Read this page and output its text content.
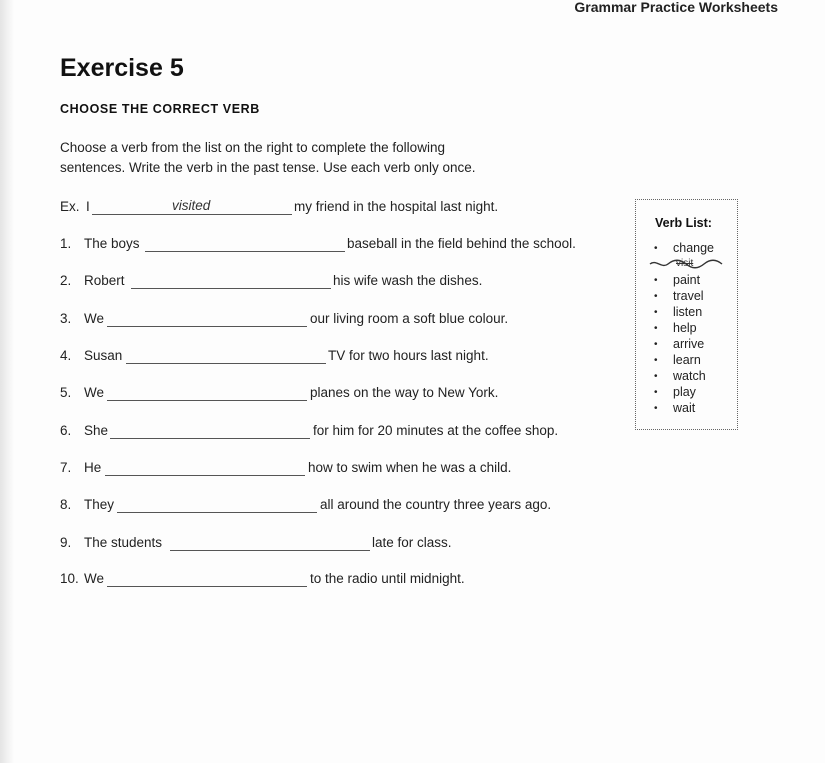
Grammar Practice Worksheets
Exercise 5
CHOOSE THE CORRECT VERB
Choose a verb from the list on the right to complete the following sentences. Write the verb in the past tense. Use each verb only once.
Ex. I	visited	my friend in the hospital last night.
1. The boys	baseball in the field behind the school.
2. Robert	his wife wash the dishes.
3. We	our living room a soft blue colour.
4. Susan	TV for two hours last night.
5. We	planes on the way to New York.
6. She	for him for 20 minutes at the coffee shop.
7. He	how to swim when he was a child.
8. They	all around the country three years ago.
9. The students	late for class.
10. We	to the radio until midnight.
Verb List:
• change
visit
• paint
• travel
• listen
• help
• arrive
• learn
• watch
• play
• wait
